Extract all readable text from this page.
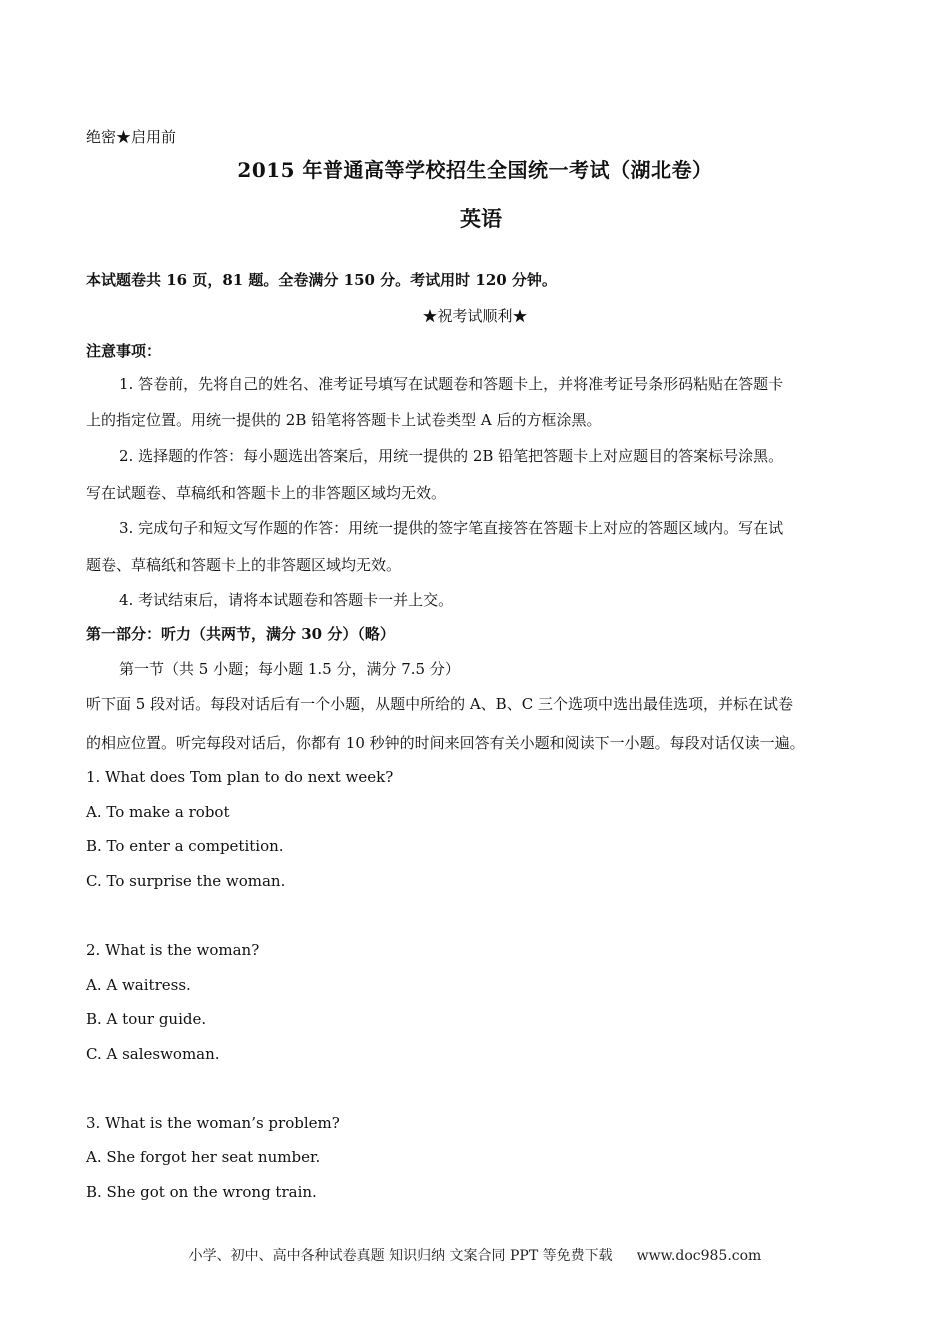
绝密★启用前
2015 年普通高等学校招生全国统一考试（湖北卷）
英语
本试题卷共 16 页，81 题。全卷满分 150 分。考试用时 120 分钟。
★祝考试顺利★
注意事项：
1. 答卷前，先将自己的姓名、准考证号填写在试题卷和答题卡上，并将准考证号条形码粘贴在答题卡
上的指定位置。用统一提供的 2B 铅笔将答题卡上试卷类型 A 后的方框涂黑。
2. 选择题的作答：每小题选出答案后，用统一提供的 2B 铅笔把答题卡上对应题目的答案标号涂黑。
写在试题卷、草稿纸和答题卡上的非答题区域均无效。
3. 完成句子和短文写作题的作答：用统一提供的签字笔直接答在答题卡上对应的答题区域内。写在试
题卷、草稿纸和答题卡上的非答题区域均无效。
4. 考试结束后，请将本试题卷和答题卡一并上交。
第一部分：听力（共两节，满分 30 分）（略）
第一节（共 5 小题；每小题 1.5 分，满分 7.5 分）
听下面 5 段对话。每段对话后有一个小题，从题中所给的 A、B、C 三个选项中选出最佳选项，并标在试卷
的相应位置。听完每段对话后，你都有 10 秒钟的时间来回答有关小题和阅读下一小题。每段对话仅读一遍。
1. What does Tom plan to do next week?
A. To make a robot
B. To enter a competition.
C. To surprise the woman.
2. What is the woman?
A. A waitress.
B. A tour guide.
C. A saleswoman.
3. What is the woman’s problem?
A. She forgot her seat number.
B. She got on the wrong train.
小学、初中、高中各种试卷真题 知识归纳 文案合同 PPT 等免费下载 www.doc985.com
